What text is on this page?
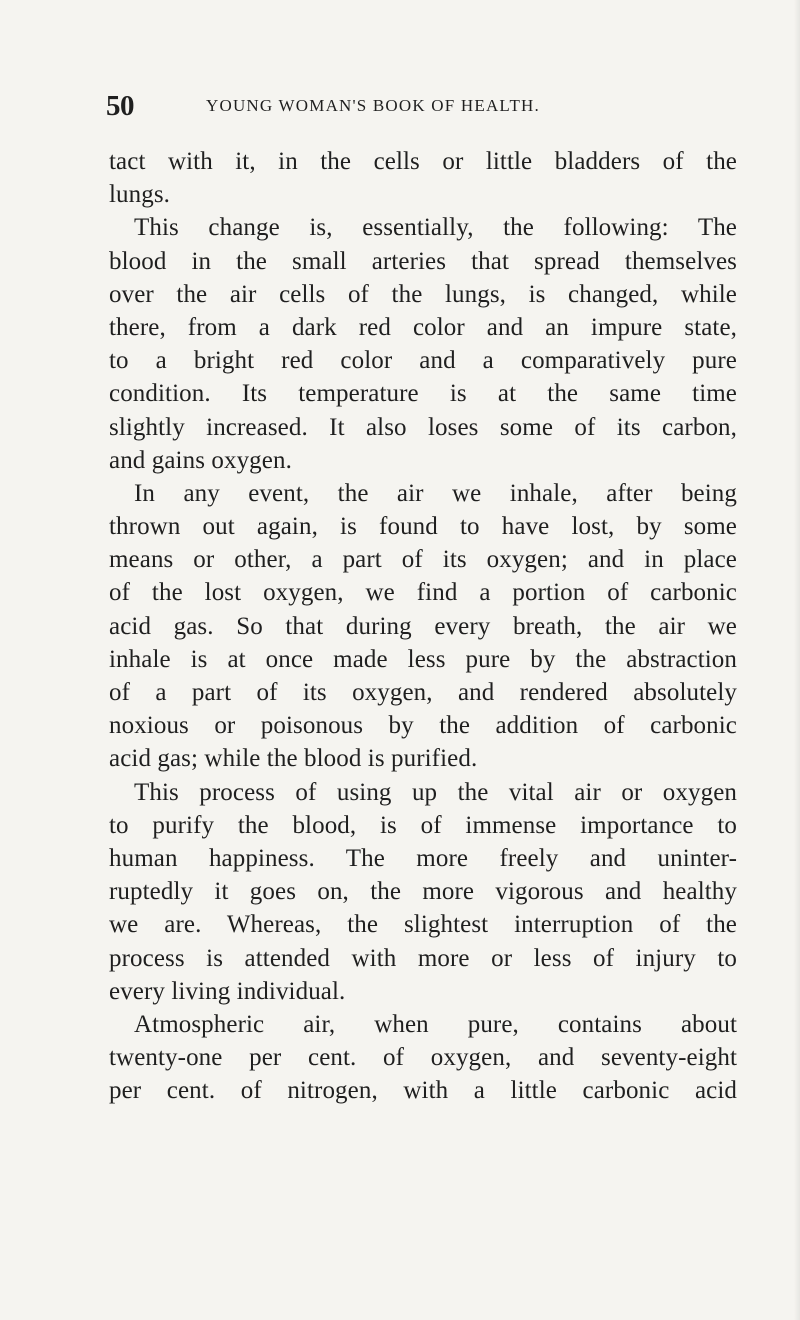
50	YOUNG WOMAN'S BOOK OF HEALTH.
tact with it, in the cells or little bladders of the
lungs.
This change is, essentially, the following: The
blood in the small arteries that spread themselves
over the air cells of the lungs, is changed, while
there, from a dark red color and an impure state,
to a bright red color and a comparatively pure
condition. Its temperature is at the same time
slightly increased. It also loses some of its carbon,
and gains oxygen.
In any event, the air we inhale, after being
thrown out again, is found to have lost, by some
means or other, a part of its oxygen; and in place
of the lost oxygen, we find a portion of carbonic
acid gas. So that during every breath, the air we
inhale is at once made less pure by the abstraction
of a part of its oxygen, and rendered absolutely
noxious or poisonous by the addition of carbonic
acid gas; while the blood is purified.
This process of using up the vital air or oxygen
to purify the blood, is of immense importance to
human happiness. The more freely and uninter-
ruptedly it goes on, the more vigorous and healthy
we are. Whereas, the slightest interruption of the
process is attended with more or less of injury to
every living individual.
Atmospheric air, when pure, contains about
twenty-one per cent. of oxygen, and seventy-eight
per cent. of nitrogen, with a little carbonic acid
